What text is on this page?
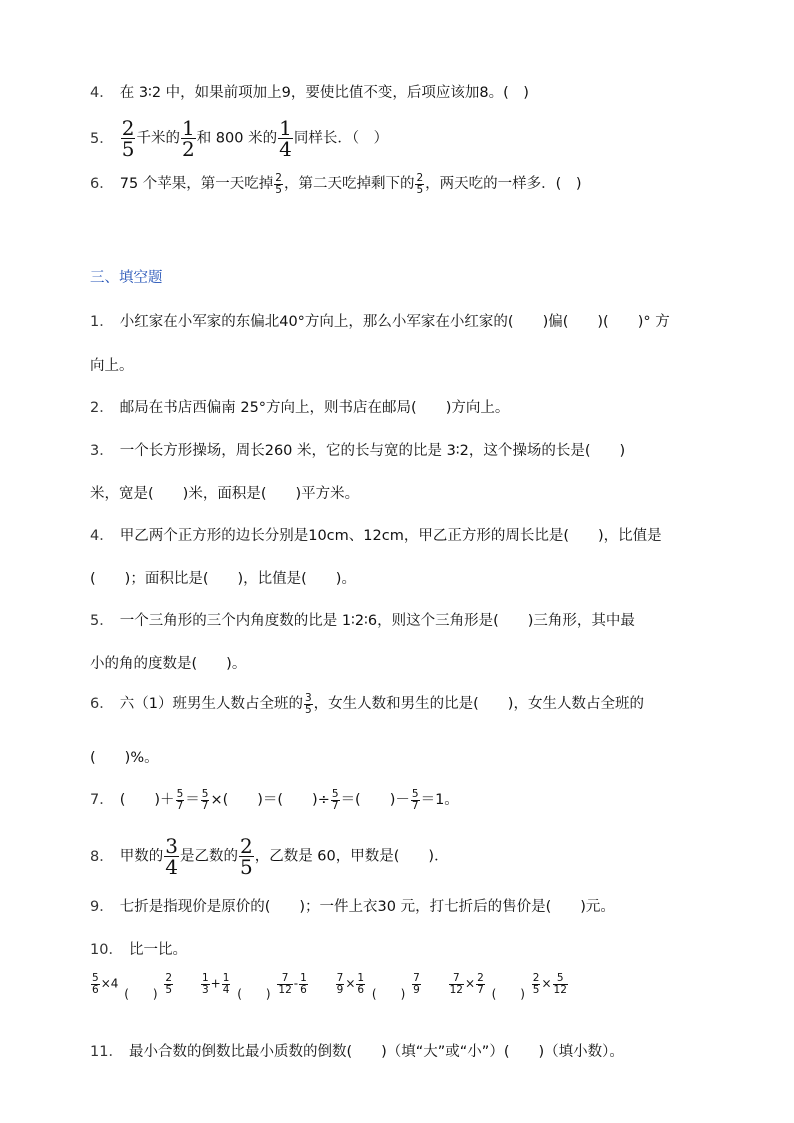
4． 在 3∶2 中，如果前项加上9，要使比值不变，后项应该加8。(　)
5． $\frac{2}{5}$ 千米的 $\frac{1}{2}$ 和 800 米的 $\frac{1}{4}$ 同样长．（　）
6． 75 个苹果，第一天吃掉 $\frac{2}{5}$ ，第二天吃掉剩下的 $\frac{2}{5}$ ，两天吃的一样多．(　)
三、填空题
1． 小红家在小军家的东偏北40°方向上，那么小军家在小红家的(　　)偏(　　)(　　)° 方
向上。
2． 邮局在书店西偏南 25°方向上，则书店在邮局(　　)方向上。
3． 一个长方形操场，周长260 米，它的长与宽的比是 3∶2，这个操场的长是(　　)
米，宽是(　　)米，面积是(　　)平方米。
4． 甲乙两个正方形的边长分别是10cm、12cm，甲乙正方形的周长比是(　　)，比值是
(　　)；面积比是(　　)，比值是(　　)。
5． 一个三角形的三个内角度数的比是 1∶2∶6，则这个三角形是(　　)三角形，其中最
小的角的度数是(　　)。
6． 六（1）班男生人数占全班的 $\frac{3}{5}$ ，女生人数和男生的比是(　　)，女生人数占全班的
(　　)%。
7． (　　)＋ $\frac{5}{7} = \frac{5}{7}$ ×(　　)＝(　　)÷ $\frac{5}{7}$ ＝(　　)－ $\frac{5}{7} =1$。
8． 甲数的 $\frac{3}{4}$ 是乙数的 $\frac{2}{5}$ ，乙数是 60，甲数是(　　)．
9． 七折是指现价是原价的(　　)；一件上衣30 元，打七折后的售价是(　　)元。
10． 比一比。
$\frac{5}{6} \times 4$ (　　) $\frac{2}{5}$
	$\frac{1}{3} + \frac{1}{4}$ (　　) $\frac{7}{12} - \frac{1}{6}$
	$\frac{7}{9} \times \frac{1}{6}$ (　　) $\frac{7}{9}$
	$\frac{7}{12} \times \frac{2}{7}$ (　　) $\frac{2}{5} \times \frac{5}{12}$
11． 最小合数的倒数比最小质数的倒数(　　)（填“大”或“小”）(　　)（填小数）。
